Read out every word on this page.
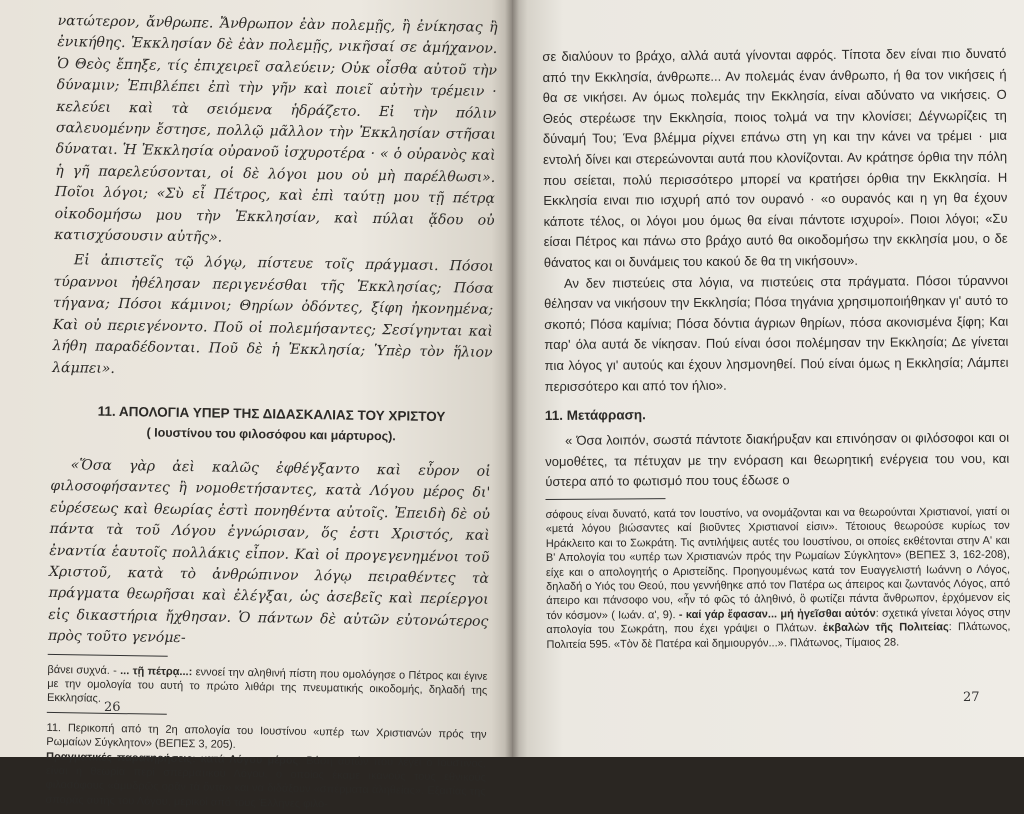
νατώτερον, ἄνθρωπε. Ἄνθρωπον ἐὰν πολεμῇς, ἢ ἐνίκησας ἢ ἐνικήθης. Ἐκκλησίαν δὲ ἐὰν πολεμῇς, νικῆσαί σε ἀμήχανον. Ὁ Θεὸς ἔπηξε, τίς ἐπιχειρεῖ σαλεύειν; Οὐκ οἶσθα αὐτοῦ τὴν δύναμιν; Ἐπιβλέπει ἐπὶ τὴν γῆν καὶ ποιεῖ αὐτὴν τρέμειν · κελεύει καὶ τὰ σειόμενα ἡδράζετο. Εἰ τὴν πόλιν σαλευομένην ἔστησε, πολλῷ μᾶλλον τὴν Ἐκκλησίαν στῆσαι δύναται. Ἡ Ἐκκλησία οὐρανοῦ ἰσχυροτέρα · « ὁ οὐρανὸς καὶ ἡ γῆ παρελεύσονται, οἱ δὲ λόγοι μου οὐ μὴ παρέλθωσι». Ποῖοι λόγοι; «Σὺ εἶ Πέτρος, καὶ ἐπὶ ταύτῃ μου τῇ πέτρᾳ οἰκοδομήσω μου τὴν Ἐκκλησίαν, καὶ πύλαι ᾅδου οὐ κατισχύσουσιν αὐτῆς».

Εἰ ἀπιστεῖς τῷ λόγῳ, πίστευε τοῖς πράγμασι. Πόσοι τύραννοι ἠθέλησαν περιγενέσθαι τῆς Ἐκκλησίας; Πόσα τήγανα; Πόσοι κάμινοι; Θηρίων ὀδόντες, ξίφη ἠκονημένα; Καὶ οὐ περιεγένοντο. Ποῦ οἱ πολεμήσαντες; Σεσίγηνται καὶ λήθη παραδέδονται. Ποῦ δὲ ἡ Ἐκκλησία; Ὑπὲρ τὸν ἥλιον λάμπει».

11. ΑΠΟΛΟΓΙΑ ΥΠΕΡ ΤΗΣ ΔΙΔΑΣΚΑΛΙΑΣ ΤΟΥ ΧΡΙΣΤΟΥ

( Ιουστίνου του φιλοσόφου και μάρτυρος).

«Ὅσα γὰρ ἀεὶ καλῶς ἐφθέγξαντο καὶ εὗρον οἱ φιλοσοφήσαντες ἢ νομοθετήσαντες, κατὰ Λόγου μέρος δι' εὑρέσεως καὶ θεωρίας ἐστὶ πονηθέντα αὐτοῖς. Ἐπειδὴ δὲ οὐ πάντα τὰ τοῦ Λόγου ἐγνώρισαν, ὅς ἐστι Χριστός, καὶ ἐναντία ἑαυτοῖς πολλάκις εἶπον. Καὶ οἱ προγεγενημένοι τοῦ Χριστοῦ, κατὰ τὸ ἀνθρώπινον λόγῳ πειραθέντες τὰ πράγματα θεωρῆσαι καὶ ἐλέγξαι, ὡς ἀσεβεῖς καὶ περίεργοι εἰς δικαστήρια ἤχθησαν. Ὁ πάντων δὲ αὐτῶν εὐτονώτερος πρὸς τοῦτο γενόμε-

βάνει συχνά. - ... τῇ πέτρᾳ...: εννοεί την αληθινή πίστη που ομολόγησε ο Πέτρος και έγινε με την ομολογία του αυτή το πρώτο λιθάρι της πνευματικής οικοδομής, δηλαδή της Εκκλησίας.

11. Περικοπή από τη 2η απολογία του Ιουστίνου «υπέρ των Χριστιανών πρός την Ρωμαίων Σύγκλητον» (ΒΕΠΕΣ 3, 205).
Πραγματικές παρατηρήσεις: κατά Λόγου μέρος: Βάση αυτών που λέγει ο Ιουστίνος, είναι η θεωρία περί σπερματικού Λόγου, ο οποίος έκαμε ικανούς τους εθνικούς φιλοσόφους «ἀμυδρῶς ὁρᾶν τὰ ὄντα» και να διδάξουν «σπέρματα ἀληθείας». Εξαιτίας της σποράς αυτής του Λόγου, μερικοί από τους Έλληνες φιλο-

26

σε διαλύουν το βράχο, αλλά αυτά γίνονται αφρός. Τίποτα δεν είναι πιο δυνατό από την Εκκλησία, άνθρωπε... Αν πολεμάς έναν άνθρωπο, ή θα τον νικήσεις ή θα σε νικήσει. Αν όμως πολεμάς την Εκκλησία, είναι αδύνατο να νικήσεις. Ο Θεός στερέωσε την Εκκλησία, ποιος τολμά να την κλονίσει; Δέγνωρίζεις τη δύναμή Του; Ένα βλέμμα ρίχνει επάνω στη γη και την κάνει να τρέμει · μια εντολή δίνει και στερεώνονται αυτά που κλονίζονται. Αν κράτησε όρθια την πόλη που σείεται, πολύ περισσότερο μπορεί να κρατήσει όρθια την Εκκλησία. Η Εκκλησία ειναι πιο ισχυρή από τον ουρανό · «ο ουρανός και η γη θα έχουν κάποτε τέλος, οι λόγοι μου όμως θα είναι πάντοτε ισχυροί». Ποιοι λόγοι; «Συ είσαι Πέτρος και πάνω στο βράχο αυτό θα οικοδομήσω την εκκλησία μου, ο δε θάνατος και οι δυνάμεις του κακού δε θα τη νικήσουν».

Αν δεν πιστεύεις στα λόγια, να πιστεύεις στα πράγματα. Πόσοι τύραννοι θέλησαν να νικήσουν την Εκκλησία; Πόσα τηγάνια χρησιμοποιήθηκαν γι' αυτό το σκοπό; Πόσα καμίνια; Πόσα δόντια άγριων θηρίων, πόσα ακονισμένα ξίφη; Και παρ' όλα αυτά δε νίκησαν. Πού είναι όσοι πολέμησαν την Εκκλησία; Δε γίνεται πια λόγος γι' αυτούς και έχουν λησμονηθεί. Πού είναι όμως η Εκκλησία; Λάμπει περισσότερο και από τον ήλιο».

11. Μετάφραση.

« Όσα λοιπόν, σωστά πάντοτε διακήρυξαν και επινόησαν οι φιλόσοφοι και οι νομοθέτες, τα πέτυχαν με την ενόραση και θεωρητική ενέργεια του νου, και ύστερα από το φωτισμό που τους έδωσε ο

σόφους είναι δυνατό, κατά τον Ιουστίνο, να ονομάζονται και να θεωρούνται Χριστιανοί, γιατί οι «μετά λόγου βιώσαντες καί βιοῦντες Χριστιανοί εἰσιν». Τέτοιους θεωρούσε κυρίως τον Ηράκλειτο και το Σωκράτη. Τις αντιλήψεις αυτές του Ιουστίνου, οι οποίες εκθέτονται στην Α' και Β' Απολογία του «υπέρ των Χριστιανών πρός την Ρωμαίων Σύγκλητον» (ΒΕΠΕΣ 3, 162-208), είχε και ο απολογητής ο Αριστείδης. Προηγουμένως κατά τον Ευαγγελιστή Ιωάννη ο Λόγος, δηλαδή ο Υιός του Θεού, που γεννήθηκε από τον Πατέρα ως άπειρος και ζωντανός Λόγος, από άπειρο και πάνσοφο νου, «ἦν τό φῶς τό ἀληθινό, ὃ φωτίζει πάντα ἄνθρωπον, ἐρχόμενον εἰς τόν κόσμον» ( Ιωάν. α', 9). - καί γάρ ἔφασαν... μή ἡγεῖσθαι αὐτόν: σχετικά γίνεται λόγος στην απολογία του Σωκράτη, που έχει γράψει ο Πλάτων. ἐκβαλὼν τῆς Πολιτείας: Πλάτωνος, Πολιτεία 595. «Τὸν δὲ Πατέρα καὶ δημιουργόν...». Πλάτωνος, Τίμαιος 28.

27
